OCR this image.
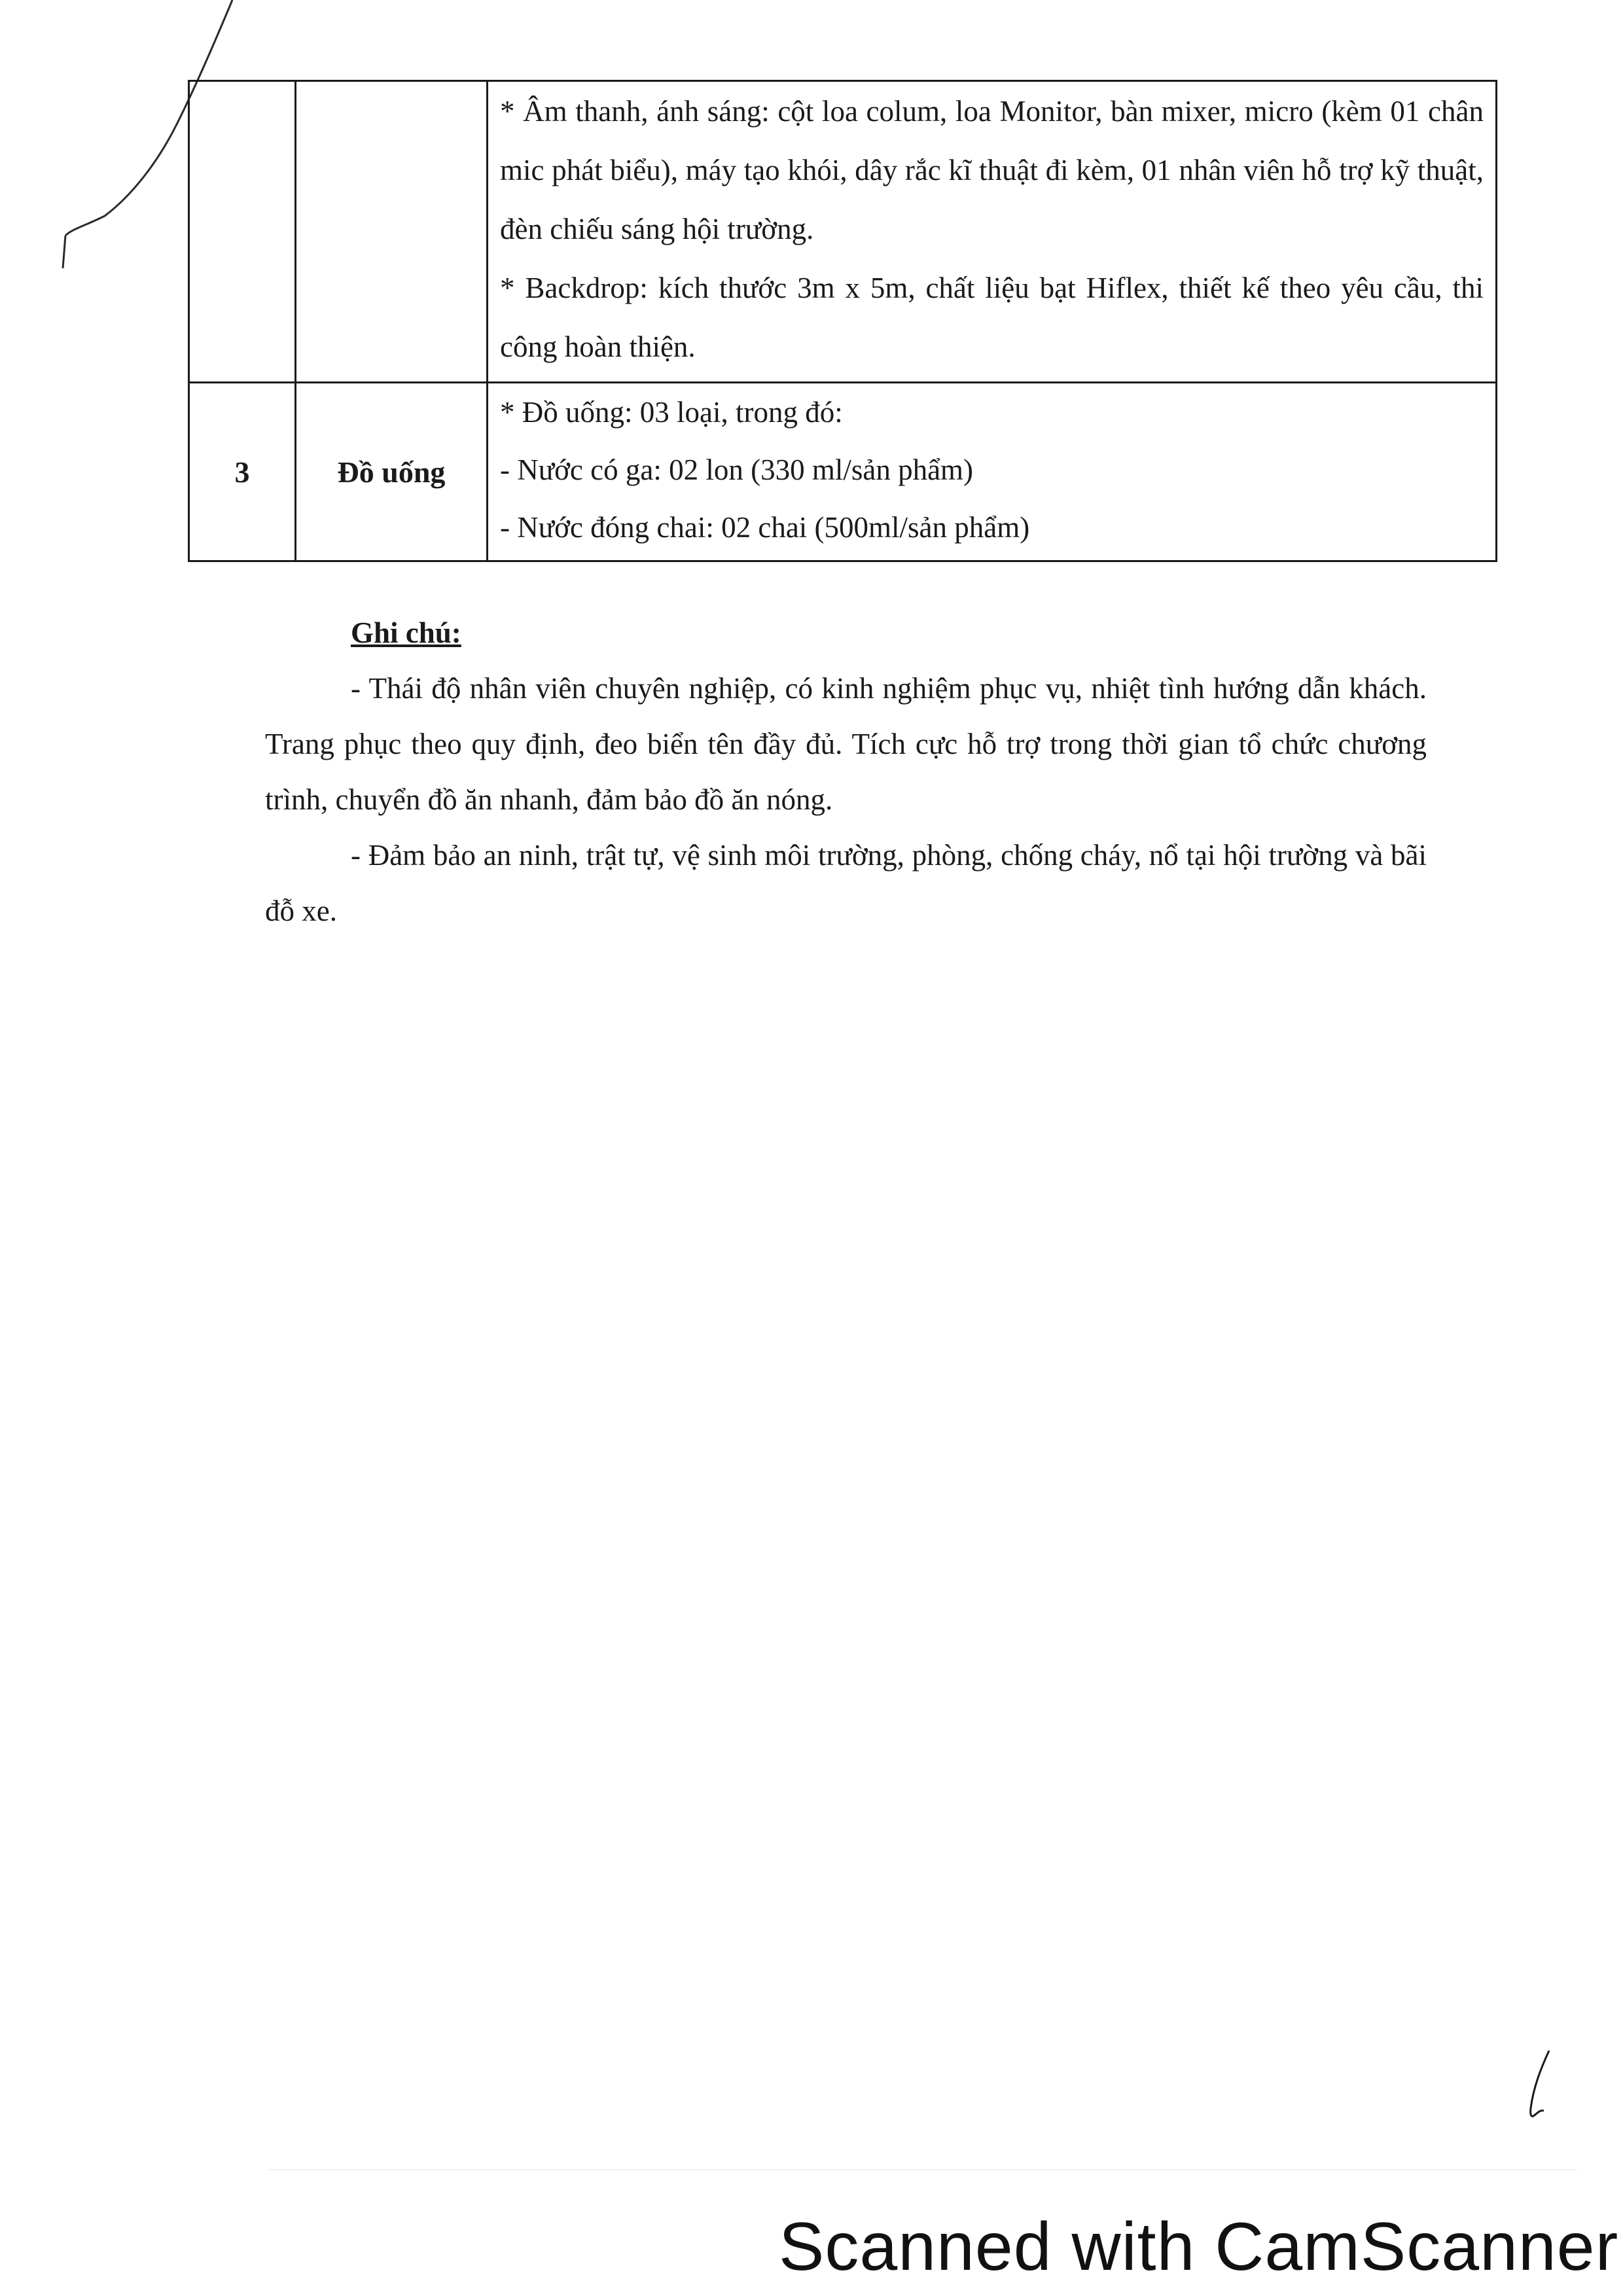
		* Âm thanh, ánh sáng: cột loa colum, loa Monitor, bàn mixer, micro (kèm 01 chân mic phát biểu), máy tạo khói, dây rắc kĩ thuật đi kèm, 01 nhân viên hỗ trợ kỹ thuật, đèn chiếu sáng hội trường.

* Backdrop: kích thước 3m x 5m, chất liệu bạt Hiflex, thiết kế theo yêu cầu, thi công hoàn thiện.

3	Đồ uống	* Đồ uống: 03 loại, trong đó:

- Nước có ga: 02 lon (330 ml/sản phẩm)

- Nước đóng chai: 02 chai (500ml/sản phẩm)

Ghi chú:

- Thái độ nhân viên chuyên nghiệp, có kinh nghiệm phục vụ, nhiệt tình hướng dẫn khách. Trang phục theo quy định, đeo biển tên đầy đủ. Tích cực hỗ trợ trong thời gian tổ chức chương trình, chuyển đồ ăn nhanh, đảm bảo đồ ăn nóng.

- Đảm bảo an ninh, trật tự, vệ sinh môi trường, phòng, chống cháy, nổ tại hội trường và bãi đỗ xe.

Scanned with CamScanner
